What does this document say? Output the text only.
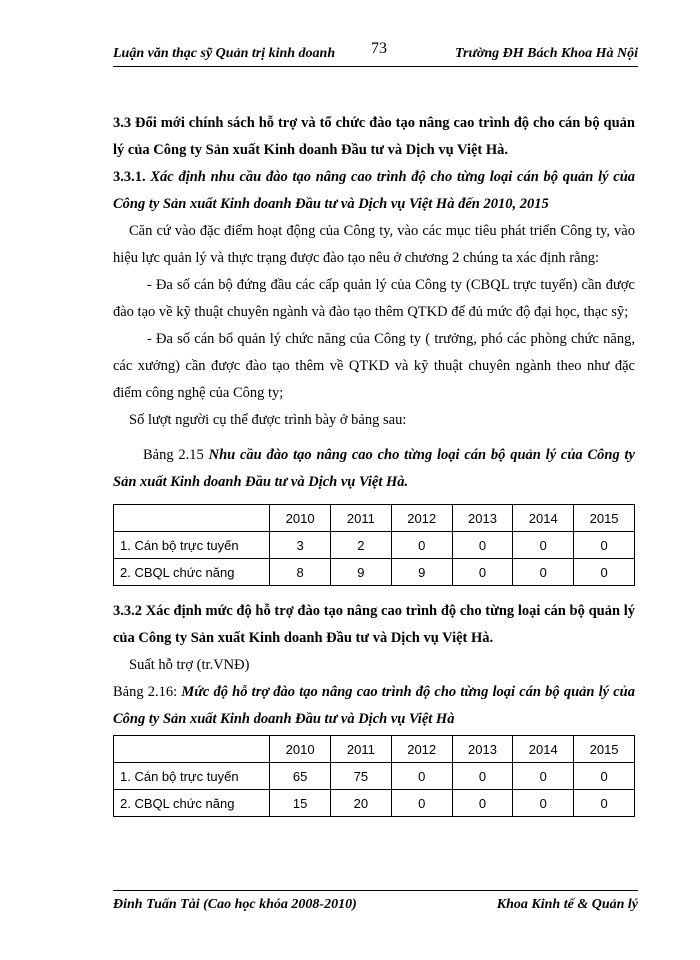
Luận văn thạc sỹ Quản trị kinh doanh 73	Trường ĐH Bách Khoa Hà Nội

3.3 Đổi mới chính sách hỗ trợ và tổ chức đào tạo nâng cao trình độ cho cán bộ quản lý của Công ty Sản xuất Kinh doanh Đầu tư và Dịch vụ Việt Hà.

3.3.1. Xác định nhu cầu đào tạo nâng cao trình độ cho từng loại cán bộ quản lý của Công ty Sản xuất Kinh doanh Đầu tư và Dịch vụ Việt Hà đến 2010, 2015

Căn cứ vào đặc điểm hoạt động của Công ty, vào các mục tiêu phát triển Công ty, vào hiệu lực quản lý và thực trạng được đào tạo nêu ở chương 2 chúng ta xác định rằng:

- Đa số cán bộ đứng đầu các cấp quản lý của Công ty (CBQL trực tuyến) cần được đào tạo về kỹ thuật chuyên ngành và đào tạo thêm QTKD để đủ mức độ đại học, thạc sỹ;

- Đa số cán bổ quản lý chức năng của Công ty ( trưởng, phó các phòng chức năng, các xưởng) cần được đào tạo thêm về QTKD và kỹ thuật chuyên ngành theo như đặc điểm công nghệ của Công ty;

Số lượt người cụ thể được trình bày ở bảng sau:

Bảng 2.15 Nhu cầu đào tạo nâng cao cho từng loại cán bộ quản lý của Công ty Sản xuất Kinh doanh Đầu tư và Dịch vụ Việt Hà.

	2010	2011	2012	2013	2014	2015
1. Cán bộ trực tuyến	3	2	0	0	0	0
2. CBQL chức năng	8	9	9	0	0	0

3.3.2 Xác định mức độ hỗ trợ đào tạo nâng cao trình độ cho từng loại cán bộ quản lý của Công ty Sản xuất Kinh doanh Đầu tư và Dịch vụ Việt Hà.

Suất hỗ trợ (tr.VNĐ)

Bảng 2.16: Mức độ hỗ trợ đào tạo nâng cao trình độ cho từng loại cán bộ quản lý của Công ty Sản xuất Kinh doanh Đầu tư và Dịch vụ Việt Hà

	2010	2011	2012	2013	2014	2015
1. Cán bộ trực tuyến	65	75	0	0	0	0
2. CBQL chức năng	15	20	0	0	0	0
Đinh Tuấn Tài (Cao học khóa 2008-2010)	Khoa Kinh tế & Quản lý
